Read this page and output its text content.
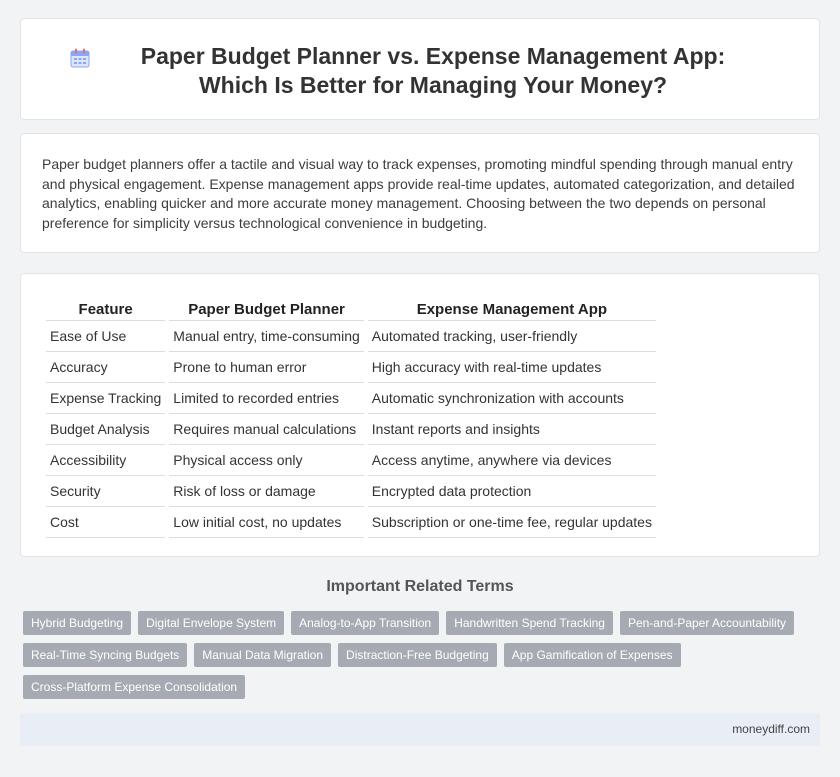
Paper Budget Planner vs. Expense Management App: Which Is Better for Managing Your Money?

Paper budget planners offer a tactile and visual way to track expenses, promoting mindful spending through manual entry and physical engagement. Expense management apps provide real-time updates, automated categorization, and detailed analytics, enabling quicker and more accurate money management. Choosing between the two depends on personal preference for simplicity versus technological convenience in budgeting.

Feature	Paper Budget Planner	Expense Management App
Ease of Use	Manual entry, time-consuming	Automated tracking, user-friendly
Accuracy	Prone to human error	High accuracy with real-time updates
Expense Tracking	Limited to recorded entries	Automatic synchronization with accounts
Budget Analysis	Requires manual calculations	Instant reports and insights
Accessibility	Physical access only	Access anytime, anywhere via devices
Security	Risk of loss or damage	Encrypted data protection
Cost	Low initial cost, no updates	Subscription or one-time fee, regular updates
Important Related Terms
Hybrid Budgeting	Digital Envelope System	Analog-to-App Transition	Handwritten Spend Tracking	Pen-and-Paper Accountability
Real-Time Syncing Budgets	Manual Data Migration	Distraction-Free Budgeting	App Gamification of Expenses
Cross-Platform Expense Consolidation
moneydiff.com
